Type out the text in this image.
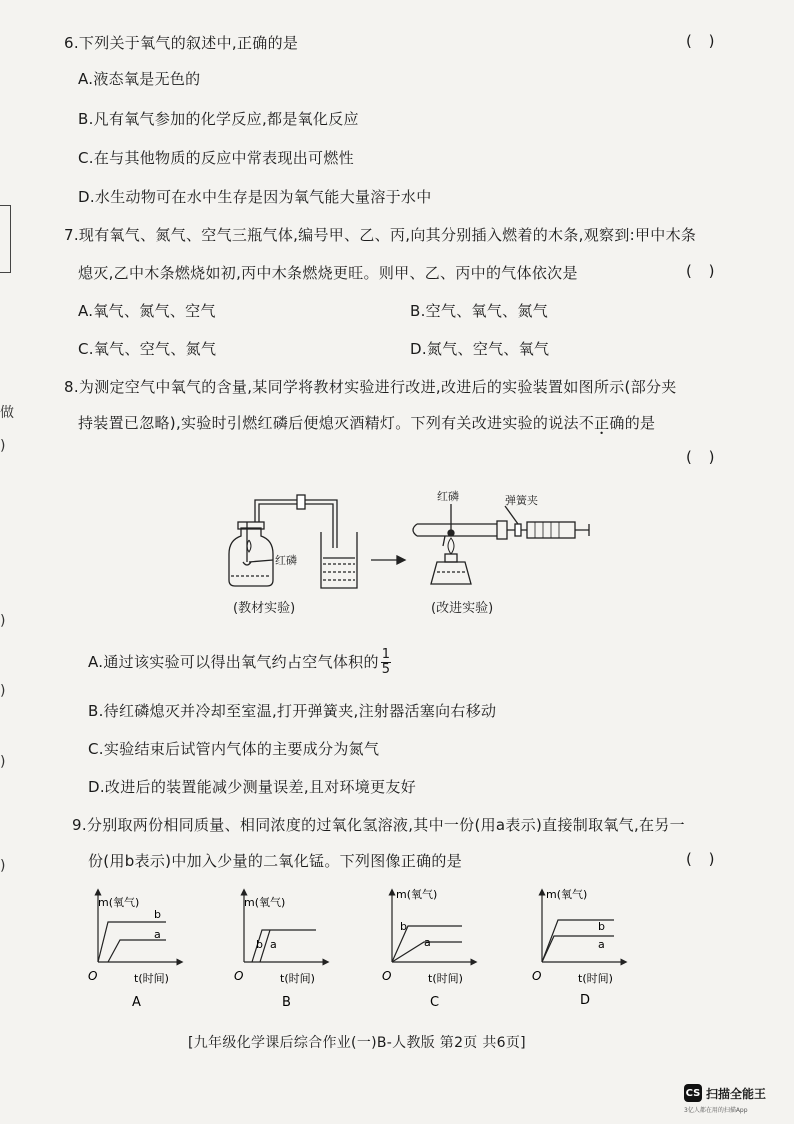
做
)
)
)
)
)
6.下列关于氧气的叙述中,正确的是	( )
A.液态氧是无色的
B.凡有氧气参加的化学反应,都是氧化反应
C.在与其他物质的反应中常表现出可燃性
D.水生动物可在水中生存是因为氧气能大量溶于水中
7.现有氧气、氮气、空气三瓶气体,编号甲、乙、丙,向其分别插入燃着的木条,观察到:甲中木条
熄灭,乙中木条燃烧如初,丙中木条燃烧更旺。则甲、乙、丙中的气体依次是	( )
A.氧气、氮气、空气	B.空气、氧气、氮气
C.氧气、空气、氮气	D.氮气、空气、氧气
8.为测定空气中氧气的含量,某同学将教材实验进行改进,改进后的实验装置如图所示(部分夹
持装置已忽略),实验时引燃红磷后便熄灭酒精灯。下列有关改进实验的说法不正确的是
( )
红磷
红磷	弹簧夹
(教材实验)	(改进实验)
A.通过该实验可以得出氧气约占空气体积的 $\frac{1}{5}$
B.待红磷熄灭并冷却至室温,打开弹簧夹,注射器活塞向右移动
C.实验结束后试管内气体的主要成分为氮气
D.改进后的装置能减少测量误差,且对环境更友好
9.分别取两份相同质量、相同浓度的过氧化氢溶液,其中一份(用a表示)直接制取氧气,在另一
份(用b表示)中加入少量的二氧化锰。下列图像正确的是	( )
m(氧气)
t(时间)
O
b
a
A
m(氧气)
t(时间)
O
b a
B
m(氧气)
t(时间)
O
b
a
C
m(氧气)
t(时间)
O
b
a
D
[九年级化学课后综合作业(一)B-人教版 第2页 共6页]
CS 扫描全能王
3亿人都在用的扫描App
